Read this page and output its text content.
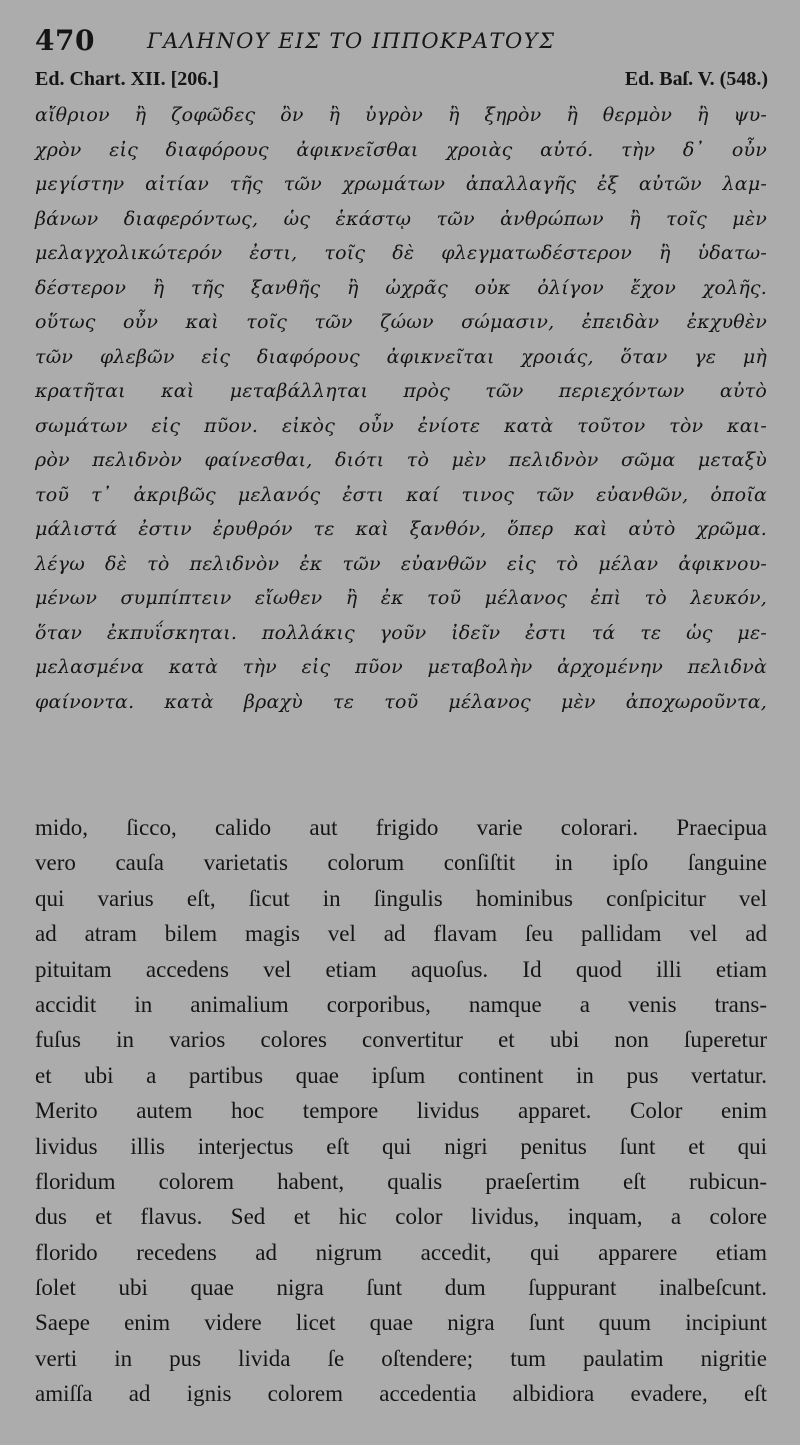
470 ΓΑΛΗΝΟΥ ΕΙΣ ΤΟ ΙΠΠΟΚΡΑΤΟΥΣ
Ed. Chart. XII. [206.]	Ed. Baſ. V. (548.)
αἴθριον ἢ ζοφῶδες ὂν ἢ ὑγρὸν ἢ ξηρὸν ἢ θερμὸν ἢ ψυ-
χρὸν εἰς διαφόρους ἀφικνεῖσθαι χροιὰς αὐτό. τὴν δ᾽ οὖν
μεγίστην αἰτίαν τῆς τῶν χρωμάτων ἀπαλλαγῆς ἐξ αὐτῶν λαμ-
βάνων διαφερόντως, ὡς ἑκάστῳ τῶν ἀνθρώπων ἢ τοῖς μὲν
μελαγχολικώτερόν ἐστι, τοῖς δὲ φλεγματωδέστερον ἢ ὑδατω-
δέστερον ἢ τῆς ξανθῆς ἢ ὠχρᾶς οὐκ ὀλίγον ἔχον χολῆς.
οὕτως οὖν καὶ τοῖς τῶν ζώων σώμασιν, ἐπειδὰν ἐκχυθὲν
τῶν φλεβῶν εἰς διαφόρους ἀφικνεῖται χροιάς, ὅταν γε μὴ
κρατῆται καὶ μεταβάλληται πρὸς τῶν περιεχόντων αὐτὸ
σωμάτων εἰς πῦον. εἰκὸς οὖν ἐνίοτε κατὰ τοῦτον τὸν και-
ρὸν πελιδνὸν φαίνεσθαι, διότι τὸ μὲν πελιδνὸν σῶμα μεταξὺ
τοῦ τ᾽ ἀκριβῶς μελανός ἐστι καί τινος τῶν εὐανθῶν, ὁποῖα
μάλιστά ἐστιν ἐρυθρόν τε καὶ ξανθόν, ὅπερ καὶ αὐτὸ χρῶμα.
λέγω δὲ τὸ πελιδνὸν ἐκ τῶν εὐανθῶν εἰς τὸ μέλαν ἀφικνου-
μένων συμπίπτειν εἴωθεν ἢ ἐκ τοῦ μέλανος ἐπὶ τὸ λευκόν,
ὅταν ἐκπυΐσκηται. πολλάκις γοῦν ἰδεῖν ἐστι τά τε ὡς με-
μελασμένα κατὰ τὴν εἰς πῦον μεταβολὴν ἀρχομένην πελιδνὰ
φαίνοντα. κατὰ βραχὺ τε τοῦ μέλανος μὲν ἀποχωροῦντα,
mido, ſicco, calido aut frigido varie colorari. Praecipua
vero cauſa varietatis colorum conſiſtit in ipſo ſanguine
qui varius eſt, ſicut in ſingulis hominibus conſpicitur vel
ad atram bilem magis vel ad flavam ſeu pallidam vel ad
pituitam accedens vel etiam aquoſus. Id quod illi etiam
accidit in animalium corporibus, namque a venis trans-
fuſus in varios colores convertitur et ubi non ſuperetur
et ubi a partibus quae ipſum continent in pus vertatur.
Merito autem hoc tempore lividus apparet. Color enim
lividus illis interjectus eſt qui nigri penitus ſunt et qui
floridum colorem habent, qualis praeſertim eſt rubicun-
dus et flavus. Sed et hic color lividus, inquam, a colore
florido recedens ad nigrum accedit, qui apparere etiam
ſolet ubi quae nigra ſunt dum ſuppurant inalbeſcunt.
Saepe enim videre licet quae nigra ſunt quum incipiunt
verti in pus livida ſe oſtendere; tum paulatim nigritie
amiſſa ad ignis colorem accedentia albidiora evadere, eſt
